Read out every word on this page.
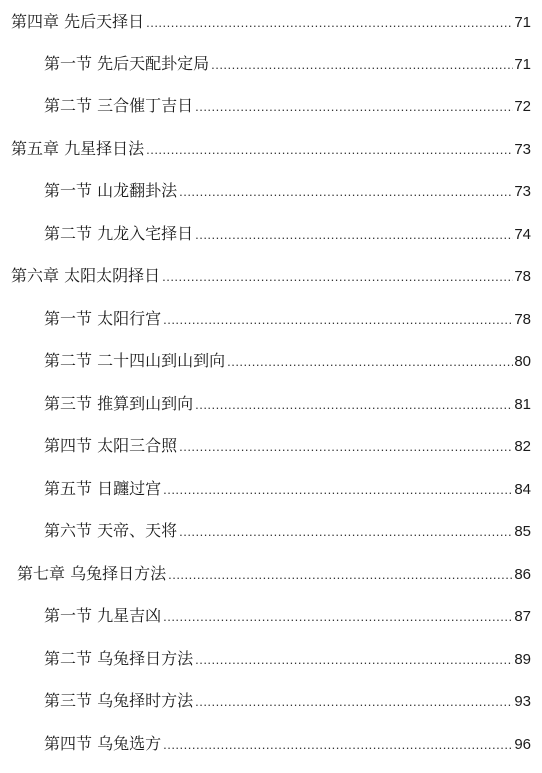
第四章 先后天择日 .....	71
第一节 先后天配卦定局 .....	71
第二节 三合催丁吉日 .....	72
第五章 九星择日法 .....	73
第一节 山龙翻卦法 .....	73
第二节 九龙入宅择日 .....	74
第六章 太阳太阴择日 .....	78
第一节 太阳行宫 .....	78
第二节 二十四山到山到向 .....	80
第三节 推算到山到向 .....	81
第四节 太阳三合照 .....	82
第五节 日躔过宫 .....	84
第六节 天帝、天将 .....	85
第七章 乌兔择日方法 .....	86
第一节 九星吉凶 .....	87
第二节 乌兔择日方法 .....	89
第三节 乌兔择时方法 .....	93
第四节 乌兔选方 .....	96
